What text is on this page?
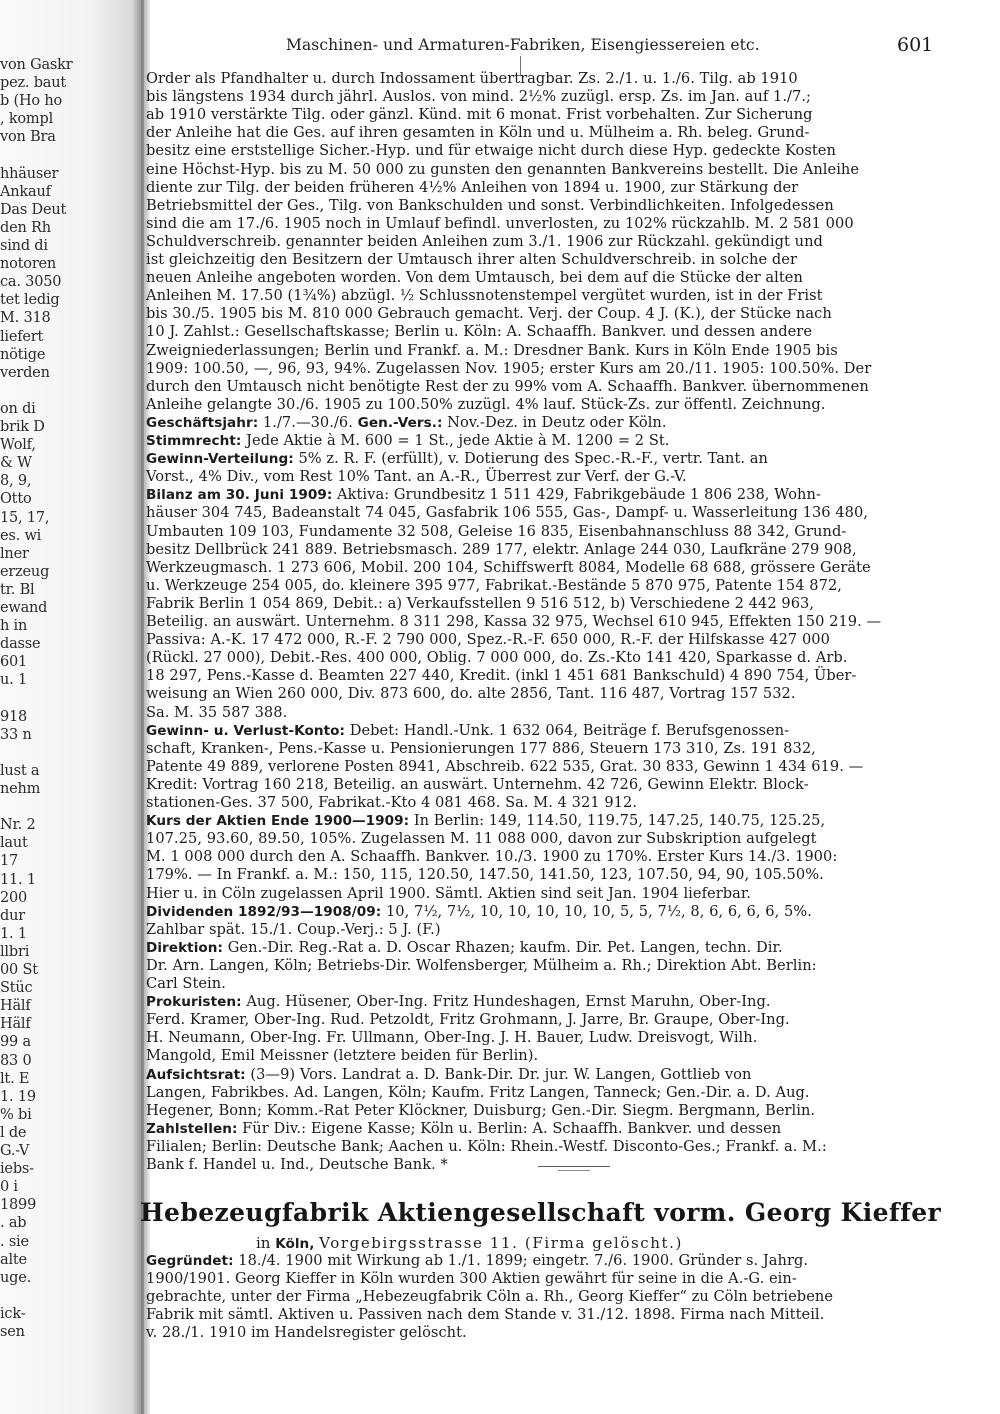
von Gaskr
pez. baut
b (Ho ho
, kompl
von Bra
hhäuser
Ankauf
Das Deut
den Rh
sind di
notoren
ca. 3050
tet ledig
M. 318
liefert
nötige
verden
on di
brik D
Wolf,
& W
8, 9,
Otto
15, 17,
es. wi
lner
erzeug
tr. Bl
ewand
h in
dasse
601
u. 1
918
33 n
lust a
nehm
Nr. 2
laut
17
11. 1
200
dur
1. 1
llbri
00 St
Stüc
Hälf
Hälf
99 a
83 0
lt. E
1. 19
% bi
l de
G.-V
iebs-
0 i
1899
. ab
. sie
alte
uge.
ick-
sen
Maschinen- und Armaturen-Fabriken, Eisengiessereien etc.	601
Order als Pfandhalter u. durch Indossament übertragbar. Zs. 2./1. u. 1./6. Tilg. ab 1910
bis längstens 1934 durch jährl. Auslos. von mind. 2½% zuzügl. ersp. Zs. im Jan. auf 1./7.;
ab 1910 verstärkte Tilg. oder gänzl. Künd. mit 6 monat. Frist vorbehalten. Zur Sicherung
der Anleihe hat die Ges. auf ihren gesamten in Köln und u. Mülheim a. Rh. beleg. Grund-
besitz eine erststellige Sicher.-Hyp. und für etwaige nicht durch diese Hyp. gedeckte Kosten
eine Höchst-Hyp. bis zu M. 50 000 zu gunsten den genannten Bankvereins bestellt. Die Anleihe
diente zur Tilg. der beiden früheren 4½% Anleihen von 1894 u. 1900, zur Stärkung der
Betriebsmittel der Ges., Tilg. von Bankschulden und sonst. Verbindlichkeiten. Infolgedessen
sind die am 17./6. 1905 noch in Umlauf befindl. unverlosten, zu 102% rückzahlb. M. 2 581 000
Schuldverschreib. genannter beiden Anleihen zum 3./1. 1906 zur Rückzahl. gekündigt und
ist gleichzeitig den Besitzern der Umtausch ihrer alten Schuldverschreib. in solche der
neuen Anleihe angeboten worden. Von dem Umtausch, bei dem auf die Stücke der alten
Anleihen M. 17.50 (1¾%) abzügl. ½ Schlussnotenstempel vergütet wurden, ist in der Frist
bis 30./5. 1905 bis M. 810 000 Gebrauch gemacht. Verj. der Coup. 4 J. (K.), der Stücke nach
10 J. Zahlst.: Gesellschaftskasse; Berlin u. Köln: A. Schaaffh. Bankver. und dessen andere
Zweigniederlassungen; Berlin und Frankf. a. M.: Dresdner Bank. Kurs in Köln Ende 1905 bis
1909: 100.50, —, 96, 93, 94%. Zugelassen Nov. 1905; erster Kurs am 20./11. 1905: 100.50%. Der
durch den Umtausch nicht benötigte Rest der zu 99% vom A. Schaaffh. Bankver. übernommenen
Anleihe gelangte 30./6. 1905 zu 100.50% zuzügl. 4% lauf. Stück-Zs. zur öffentl. Zeichnung.
Geschäftsjahr: 1./7.—30./6. Gen.-Vers.: Nov.-Dez. in Deutz oder Köln.
Stimmrecht: Jede Aktie à M. 600 = 1 St., jede Aktie à M. 1200 = 2 St.
Gewinn-Verteilung: 5% z. R. F. (erfüllt), v. Dotierung des Spec.-R.-F., vertr. Tant. an
Vorst., 4% Div., vom Rest 10% Tant. an A.-R., Überrest zur Verf. der G.-V.
Bilanz am 30. Juni 1909: Aktiva: Grundbesitz 1 511 429, Fabrikgebäude 1 806 238, Wohn-
häuser 304 745, Badeanstalt 74 045, Gasfabrik 106 555, Gas-, Dampf- u. Wasserleitung 136 480,
Umbauten 109 103, Fundamente 32 508, Geleise 16 835, Eisenbahnanschluss 88 342, Grund-
besitz Dellbrück 241 889. Betriebsmasch. 289 177, elektr. Anlage 244 030, Laufkräne 279 908,
Werkzeugmasch. 1 273 606, Mobil. 200 104, Schiffswerft 8084, Modelle 68 688, grössere Geräte
u. Werkzeuge 254 005, do. kleinere 395 977, Fabrikat.-Bestände 5 870 975, Patente 154 872,
Fabrik Berlin 1 054 869, Debit.: a) Verkaufsstellen 9 516 512, b) Verschiedene 2 442 963,
Beteilig. an auswärt. Unternehm. 8 311 298, Kassa 32 975, Wechsel 610 945, Effekten 150 219. —
Passiva: A.-K. 17 472 000, R.-F. 2 790 000, Spez.-R.-F. 650 000, R.-F. der Hilfskasse 427 000
(Rückl. 27 000), Debit.-Res. 400 000, Oblig. 7 000 000, do. Zs.-Kto 141 420, Sparkasse d. Arb.
18 297, Pens.-Kasse d. Beamten 227 440, Kredit. (inkl 1 451 681 Bankschuld) 4 890 754, Über-
weisung an Wien 260 000, Div. 873 600, do. alte 2856, Tant. 116 487, Vortrag 157 532.
Sa. M. 35 587 388.
Gewinn- u. Verlust-Konto: Debet: Handl.-Unk. 1 632 064, Beiträge f. Berufsgenossen-
schaft, Kranken-, Pens.-Kasse u. Pensionierungen 177 886, Steuern 173 310, Zs. 191 832,
Patente 49 889, verlorene Posten 8941, Abschreib. 622 535, Grat. 30 833, Gewinn 1 434 619. —
Kredit: Vortrag 160 218, Beteilig. an auswärt. Unternehm. 42 726, Gewinn Elektr. Block-
stationen-Ges. 37 500, Fabrikat.-Kto 4 081 468. Sa. M. 4 321 912.
Kurs der Aktien Ende 1900—1909: In Berlin: 149, 114.50, 119.75, 147.25, 140.75, 125.25,
107.25, 93.60, 89.50, 105%. Zugelassen M. 11 088 000, davon zur Subskription aufgelegt
M. 1 008 000 durch den A. Schaaffh. Bankver. 10./3. 1900 zu 170%. Erster Kurs 14./3. 1900:
179%. — In Frankf. a. M.: 150, 115, 120.50, 147.50, 141.50, 123, 107.50, 94, 90, 105.50%.
Hier u. in Cöln zugelassen April 1900. Sämtl. Aktien sind seit Jan. 1904 lieferbar.
Dividenden 1892/93—1908/09: 10, 7½, 7½, 10, 10, 10, 10, 10, 5, 5, 7½, 8, 6, 6, 6, 6, 5%.
Zahlbar spät. 15./1. Coup.-Verj.: 5 J. (F.)
Direktion: Gen.-Dir. Reg.-Rat a. D. Oscar Rhazen; kaufm. Dir. Pet. Langen, techn. Dir.
Dr. Arn. Langen, Köln; Betriebs-Dir. Wolfensberger, Mülheim a. Rh.; Direktion Abt. Berlin:
Carl Stein.
Prokuristen: Aug. Hüsener, Ober-Ing. Fritz Hundeshagen, Ernst Maruhn, Ober-Ing.
Ferd. Kramer, Ober-Ing. Rud. Petzoldt, Fritz Grohmann, J. Jarre, Br. Graupe, Ober-Ing.
H. Neumann, Ober-Ing. Fr. Ullmann, Ober-Ing. J. H. Bauer, Ludw. Dreisvogt, Wilh.
Mangold, Emil Meissner (letztere beiden für Berlin).
Aufsichtsrat: (3—9) Vors. Landrat a. D. Bank-Dir. Dr. jur. W. Langen, Gottlieb von
Langen, Fabrikbes. Ad. Langen, Köln; Kaufm. Fritz Langen, Tanneck; Gen.-Dir. a. D. Aug.
Hegener, Bonn; Komm.-Rat Peter Klöckner, Duisburg; Gen.-Dir. Siegm. Bergmann, Berlin.
Zahlstellen: Für Div.: Eigene Kasse; Köln u. Berlin: A. Schaaffh. Bankver. und dessen
Filialen; Berlin: Deutsche Bank; Aachen u. Köln: Rhein.-Westf. Disconto-Ges.; Frankf. a. M.:
Bank f. Handel u. Ind., Deutsche Bank. *
Hebezeugfabrik Aktiengesellschaft vorm. Georg Kieffer
in Köln, Vorgebirgsstrasse 11. (Firma gelöscht.)
Gegründet: 18./4. 1900 mit Wirkung ab 1./1. 1899; eingetr. 7./6. 1900. Gründer s. Jahrg.
1900/1901. Georg Kieffer in Köln wurden 300 Aktien gewährt für seine in die A.-G. ein-
gebrachte, unter der Firma „Hebezeugfabrik Cöln a. Rh., Georg Kieffer“ zu Cöln betriebene
Fabrik mit sämtl. Aktiven u. Passiven nach dem Stande v. 31./12. 1898. Firma nach Mitteil.
v. 28./1. 1910 im Handelsregister gelöscht.
